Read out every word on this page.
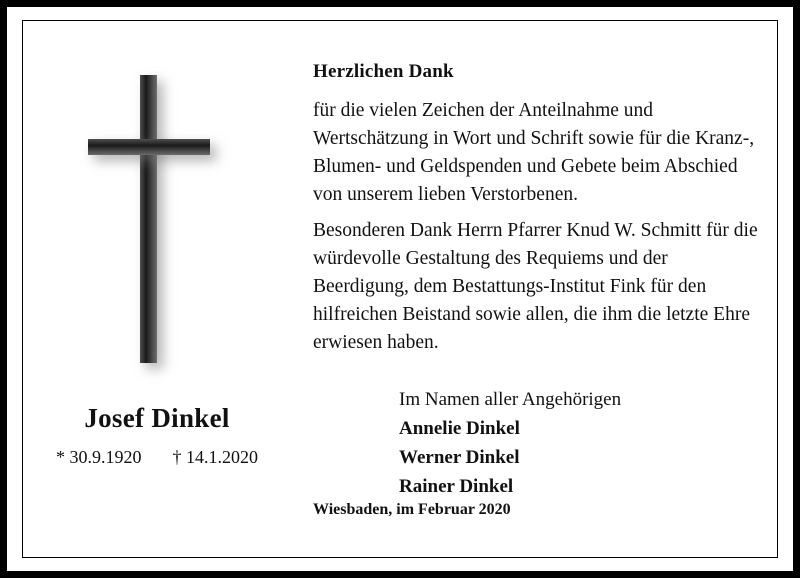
Josef Dinkel
* 30.9.1920 † 14.1.2020
Herzlichen Dank
für die vielen Zeichen der Anteilnahme und Wertschätzung in Wort und Schrift sowie für die Kranz-, Blumen- und Geldspenden und Gebete beim Abschied von unserem lieben Verstorbenen.
Besonderen Dank Herrn Pfarrer Knud W. Schmitt für die würdevolle Gestaltung des Requiems und der Beerdigung, dem Bestattungs-Institut Fink für den hilfreichen Beistand sowie allen, die ihm die letzte Ehre erwiesen haben.
Im Namen aller Angehörigen
Annelie Dinkel
Werner Dinkel
Rainer Dinkel
Wiesbaden, im Februar 2020
